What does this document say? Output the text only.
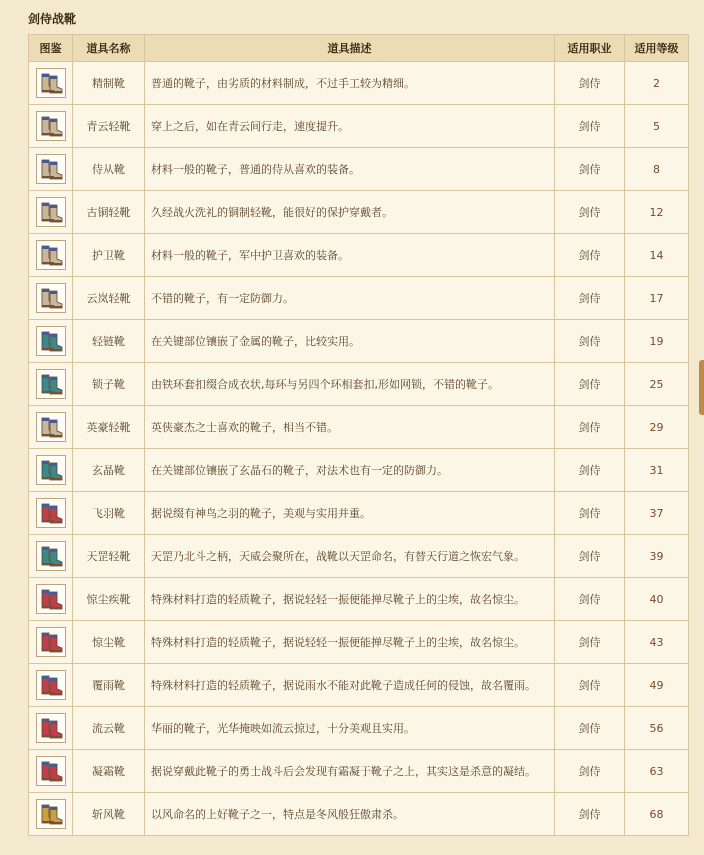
剑侍战靴
图鉴	道具名称	道具描述	适用职业	适用等级

	精制靴	普通的靴子，由劣质的材料制成，不过手工较为精细。	剑侍	2

	青云轻靴	穿上之后，如在青云间行走，速度提升。	剑侍	5

	侍从靴	材料一般的靴子，普通的侍从喜欢的装备。	剑侍	8

	古铜轻靴	久经战火洗礼的铜制轻靴，能很好的保护穿戴者。	剑侍	12

	护卫靴	材料一般的靴子，军中护卫喜欢的装备。	剑侍	14

	云岚轻靴	不错的靴子，有一定防御力。	剑侍	17

	轻链靴	在关键部位镶嵌了金属的靴子，比较实用。	剑侍	19

	锁子靴	由铁环套扣缀合成衣状,每环与另四个环相套扣,形如网锁，不错的靴子。	剑侍	25

	英豪轻靴	英侠豪杰之士喜欢的靴子，相当不错。	剑侍	29

	玄晶靴	在关键部位镶嵌了玄晶石的靴子，对法术也有一定的防御力。	剑侍	31

	飞羽靴	据说缀有神鸟之羽的靴子，美观与实用并重。	剑侍	37

	天罡轻靴	天罡乃北斗之柄，天威会聚所在，战靴以天罡命名，有替天行道之恢宏气象。	剑侍	39

	惊尘疾靴	特殊材料打造的轻质靴子，据说轻轻一振便能掸尽靴子上的尘埃，故名惊尘。	剑侍	40

	惊尘靴	特殊材料打造的轻质靴子，据说轻轻一振便能掸尽靴子上的尘埃，故名惊尘。	剑侍	43

	覆雨靴	特殊材料打造的轻质靴子，据说雨水不能对此靴子造成任何的侵蚀，故名覆雨。	剑侍	49

	流云靴	华丽的靴子，光华掩映如流云掠过，十分美观且实用。	剑侍	56

	凝霜靴	据说穿戴此靴子的勇士战斗后会发现有霜凝于靴子之上，其实这是杀意的凝结。	剑侍	63

	斩风靴	以风命名的上好靴子之一，特点是冬风般狂傲肃杀。	剑侍	68
